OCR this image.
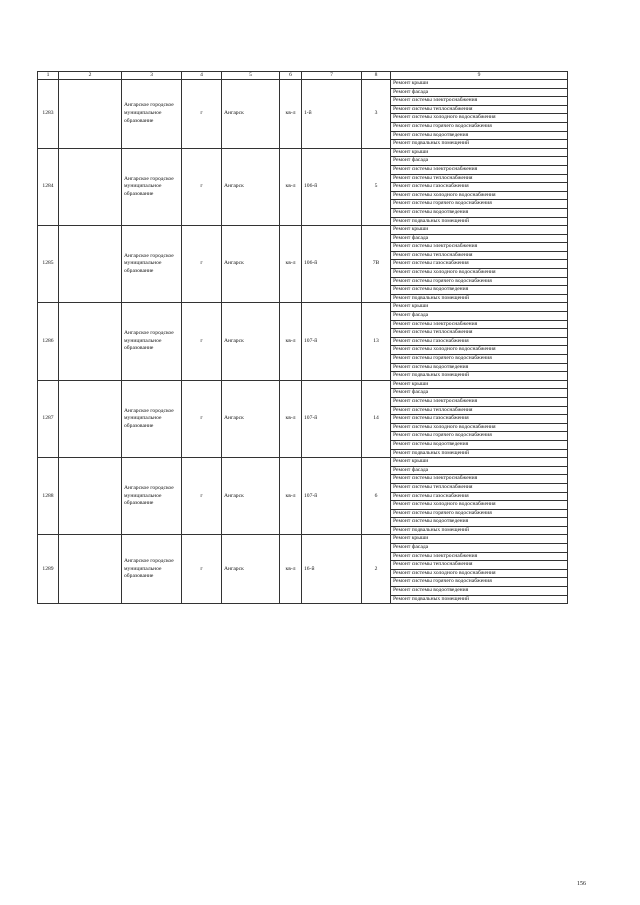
1	2	3	4	5	6	7	8	9
1283		Ангарское городское муниципальное образование	г	Ангарск	кв-л	1-й	3	Ремонт крыши
								Ремонт фасада
								Ремонт системы электроснабжения
								Ремонт системы теплоснабжения
								Ремонт системы холодного водоснабжения
								Ремонт системы горячего водоснабжения
								Ремонт системы водоотведения
								Ремонт подвальных помещений
1284		Ангарское городское муниципальное образование	г	Ангарск	кв-л	106-й	5	Ремонт крыши
								Ремонт фасада
								Ремонт системы электроснабжения
								Ремонт системы теплоснабжения
								Ремонт системы газоснабжения
								Ремонт системы холодного водоснабжения
								Ремонт системы горячего водоснабжения
								Ремонт системы водоотведения
								Ремонт подвальных помещений
1285		Ангарское городское муниципальное образование	г	Ангарск	кв-л	106-й	7В	Ремонт крыши
								Ремонт фасада
								Ремонт системы электроснабжения
								Ремонт системы теплоснабжения
								Ремонт системы газоснабжения
								Ремонт системы холодного водоснабжения
								Ремонт системы горячего водоснабжения
								Ремонт системы водоотведения
								Ремонт подвальных помещений
1286		Ангарское городское муниципальное образование	г	Ангарск	кв-л	107-й	13	Ремонт крыши
								Ремонт фасада
								Ремонт системы электроснабжения
								Ремонт системы теплоснабжения
								Ремонт системы газоснабжения
								Ремонт системы холодного водоснабжения
								Ремонт системы горячего водоснабжения
								Ремонт системы водоотведения
								Ремонт подвальных помещений
1287		Ангарское городское муниципальное образование	г	Ангарск	кв-л	107-й	14	Ремонт крыши
								Ремонт фасада
								Ремонт системы электроснабжения
								Ремонт системы теплоснабжения
								Ремонт системы газоснабжения
								Ремонт системы холодного водоснабжения
								Ремонт системы горячего водоснабжения
								Ремонт системы водоотведения
								Ремонт подвальных помещений
1288		Ангарское городское муниципальное образование	г	Ангарск	кв-л	107-й	6	Ремонт крыши
								Ремонт фасада
								Ремонт системы электроснабжения
								Ремонт системы теплоснабжения
								Ремонт системы газоснабжения
								Ремонт системы холодного водоснабжения
								Ремонт системы горячего водоснабжения
								Ремонт системы водоотведения
								Ремонт подвальных помещений
1289		Ангарское городское муниципальное образование	г	Ангарск	кв-л	16-й	2	Ремонт крыши
								Ремонт фасада
								Ремонт системы электроснабжения
								Ремонт системы теплоснабжения
								Ремонт системы холодного водоснабжения
								Ремонт системы горячего водоснабжения
								Ремонт системы водоотведения
								Ремонт подвальных помещений
156
